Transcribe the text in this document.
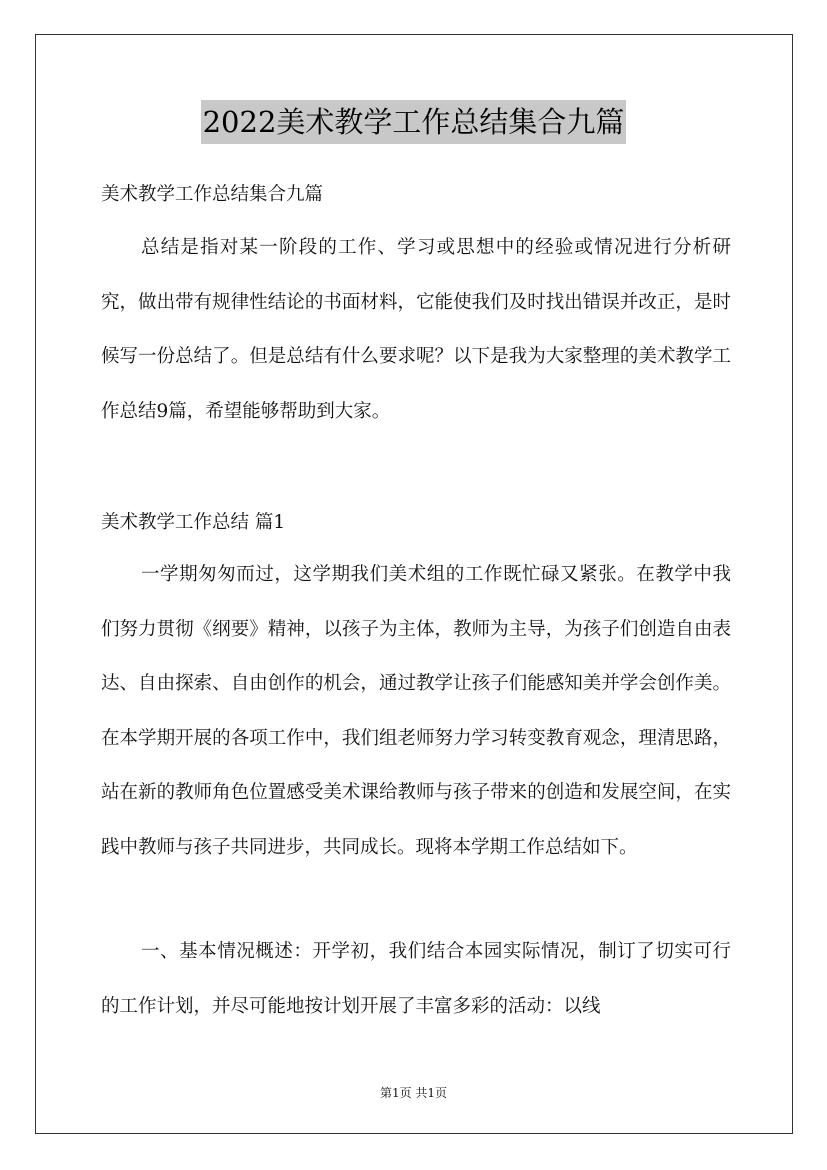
2022美术教学工作总结集合九篇
美术教学工作总结集合九篇

总结是指对某一阶段的工作、学习或思想中的经验或情况进行分析研究，做出带有规律性结论的书面材料，它能使我们及时找出错误并改正，是时候写一份总结了。但是总结有什么要求呢？以下是我为大家整理的美术教学工作总结9篇，希望能够帮助到大家。

美术教学工作总结 篇1

一学期匆匆而过，这学期我们美术组的工作既忙碌又紧张。在教学中我们努力贯彻《纲要》精神，以孩子为主体，教师为主导，为孩子们创造自由表达、自由探索、自由创作的机会，通过教学让孩子们能感知美并学会创作美。在本学期开展的各项工作中，我们组老师努力学习转变教育观念，理清思路，站在新的教师角色位置感受美术课给教师与孩子带来的创造和发展空间，在实践中教师与孩子共同进步，共同成长。现将本学期工作总结如下。

一、基本情况概述：开学初，我们结合本园实际情况，制订了切实可行的工作计划，并尽可能地按计划开展了丰富多彩的活动：以线

第1页 共1页
